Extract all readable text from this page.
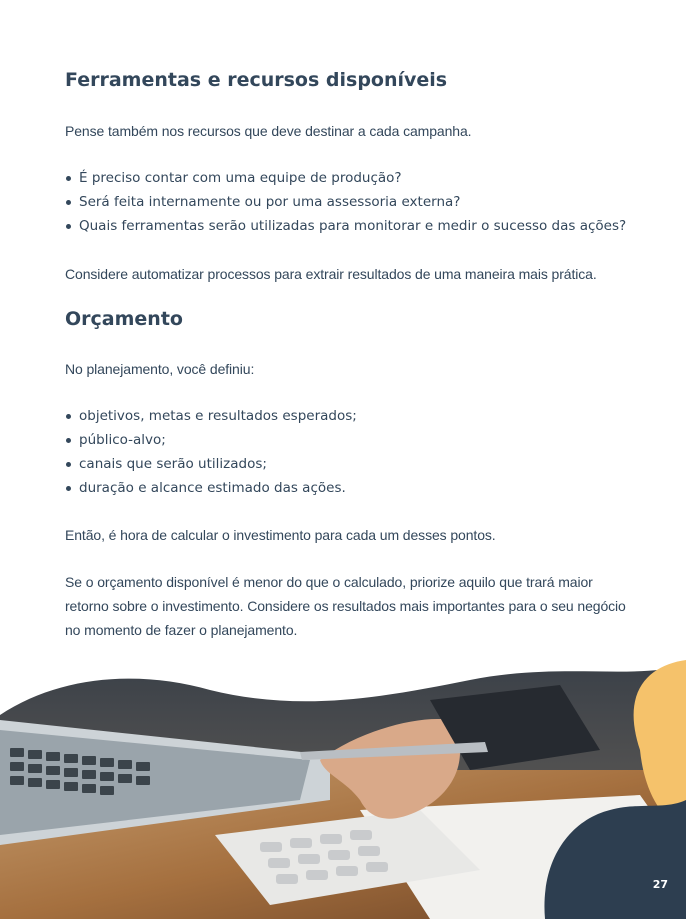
Ferramentas e recursos disponíveis

Pense também nos recursos que deve destinar a cada campanha.

É preciso contar com uma equipe de produção?
Será feita internamente ou por uma assessoria externa?
Quais ferramentas serão utilizadas para monitorar e medir o sucesso das ações?

Considere automatizar processos para extrair resultados de uma maneira mais prática.

Orçamento

No planejamento, você definiu:

objetivos, metas e resultados esperados;
público-alvo;
canais que serão utilizados;
duração e alcance estimado das ações.

Então, é hora de calcular o investimento para cada um desses pontos.

Se o orçamento disponível é menor do que o calculado, priorize aquilo que trará maior retorno sobre o investimento. Considere os resultados mais importantes para o seu negócio no momento de fazer o planejamento.

27
